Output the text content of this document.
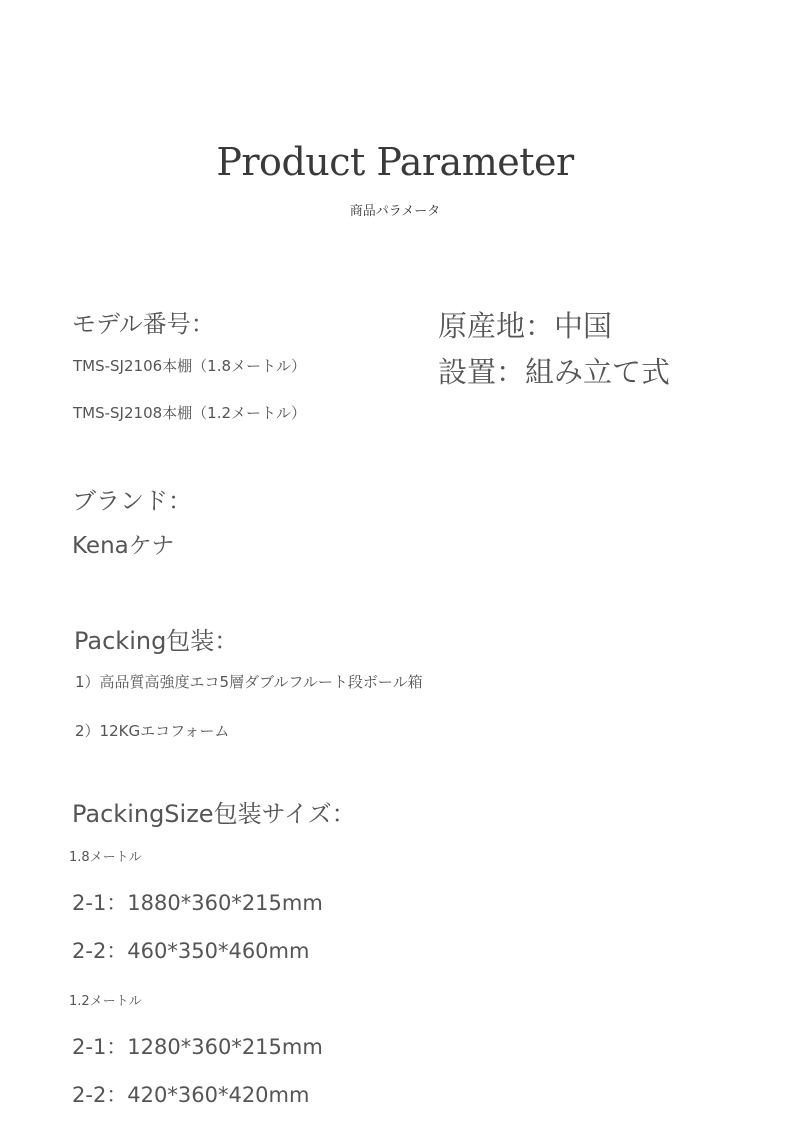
Product Parameter
商品パラメータ
モデル番号：
TMS-SJ2106本棚（1.8メートル）
TMS-SJ2108本棚（1.2メートル）
原産地：中国
設置：組み立て式
ブランド：
Kenaケナ
Packing包装：
1）高品質高強度エコ5層ダブルフルート段ボール箱
2）12KGエコフォーム
PackingSize包装サイズ：
1.8メートル
2-1：1880*360*215mm
2-2：460*350*460mm
1.2メートル
2-1：1280*360*215mm
2-2：420*360*420mm
